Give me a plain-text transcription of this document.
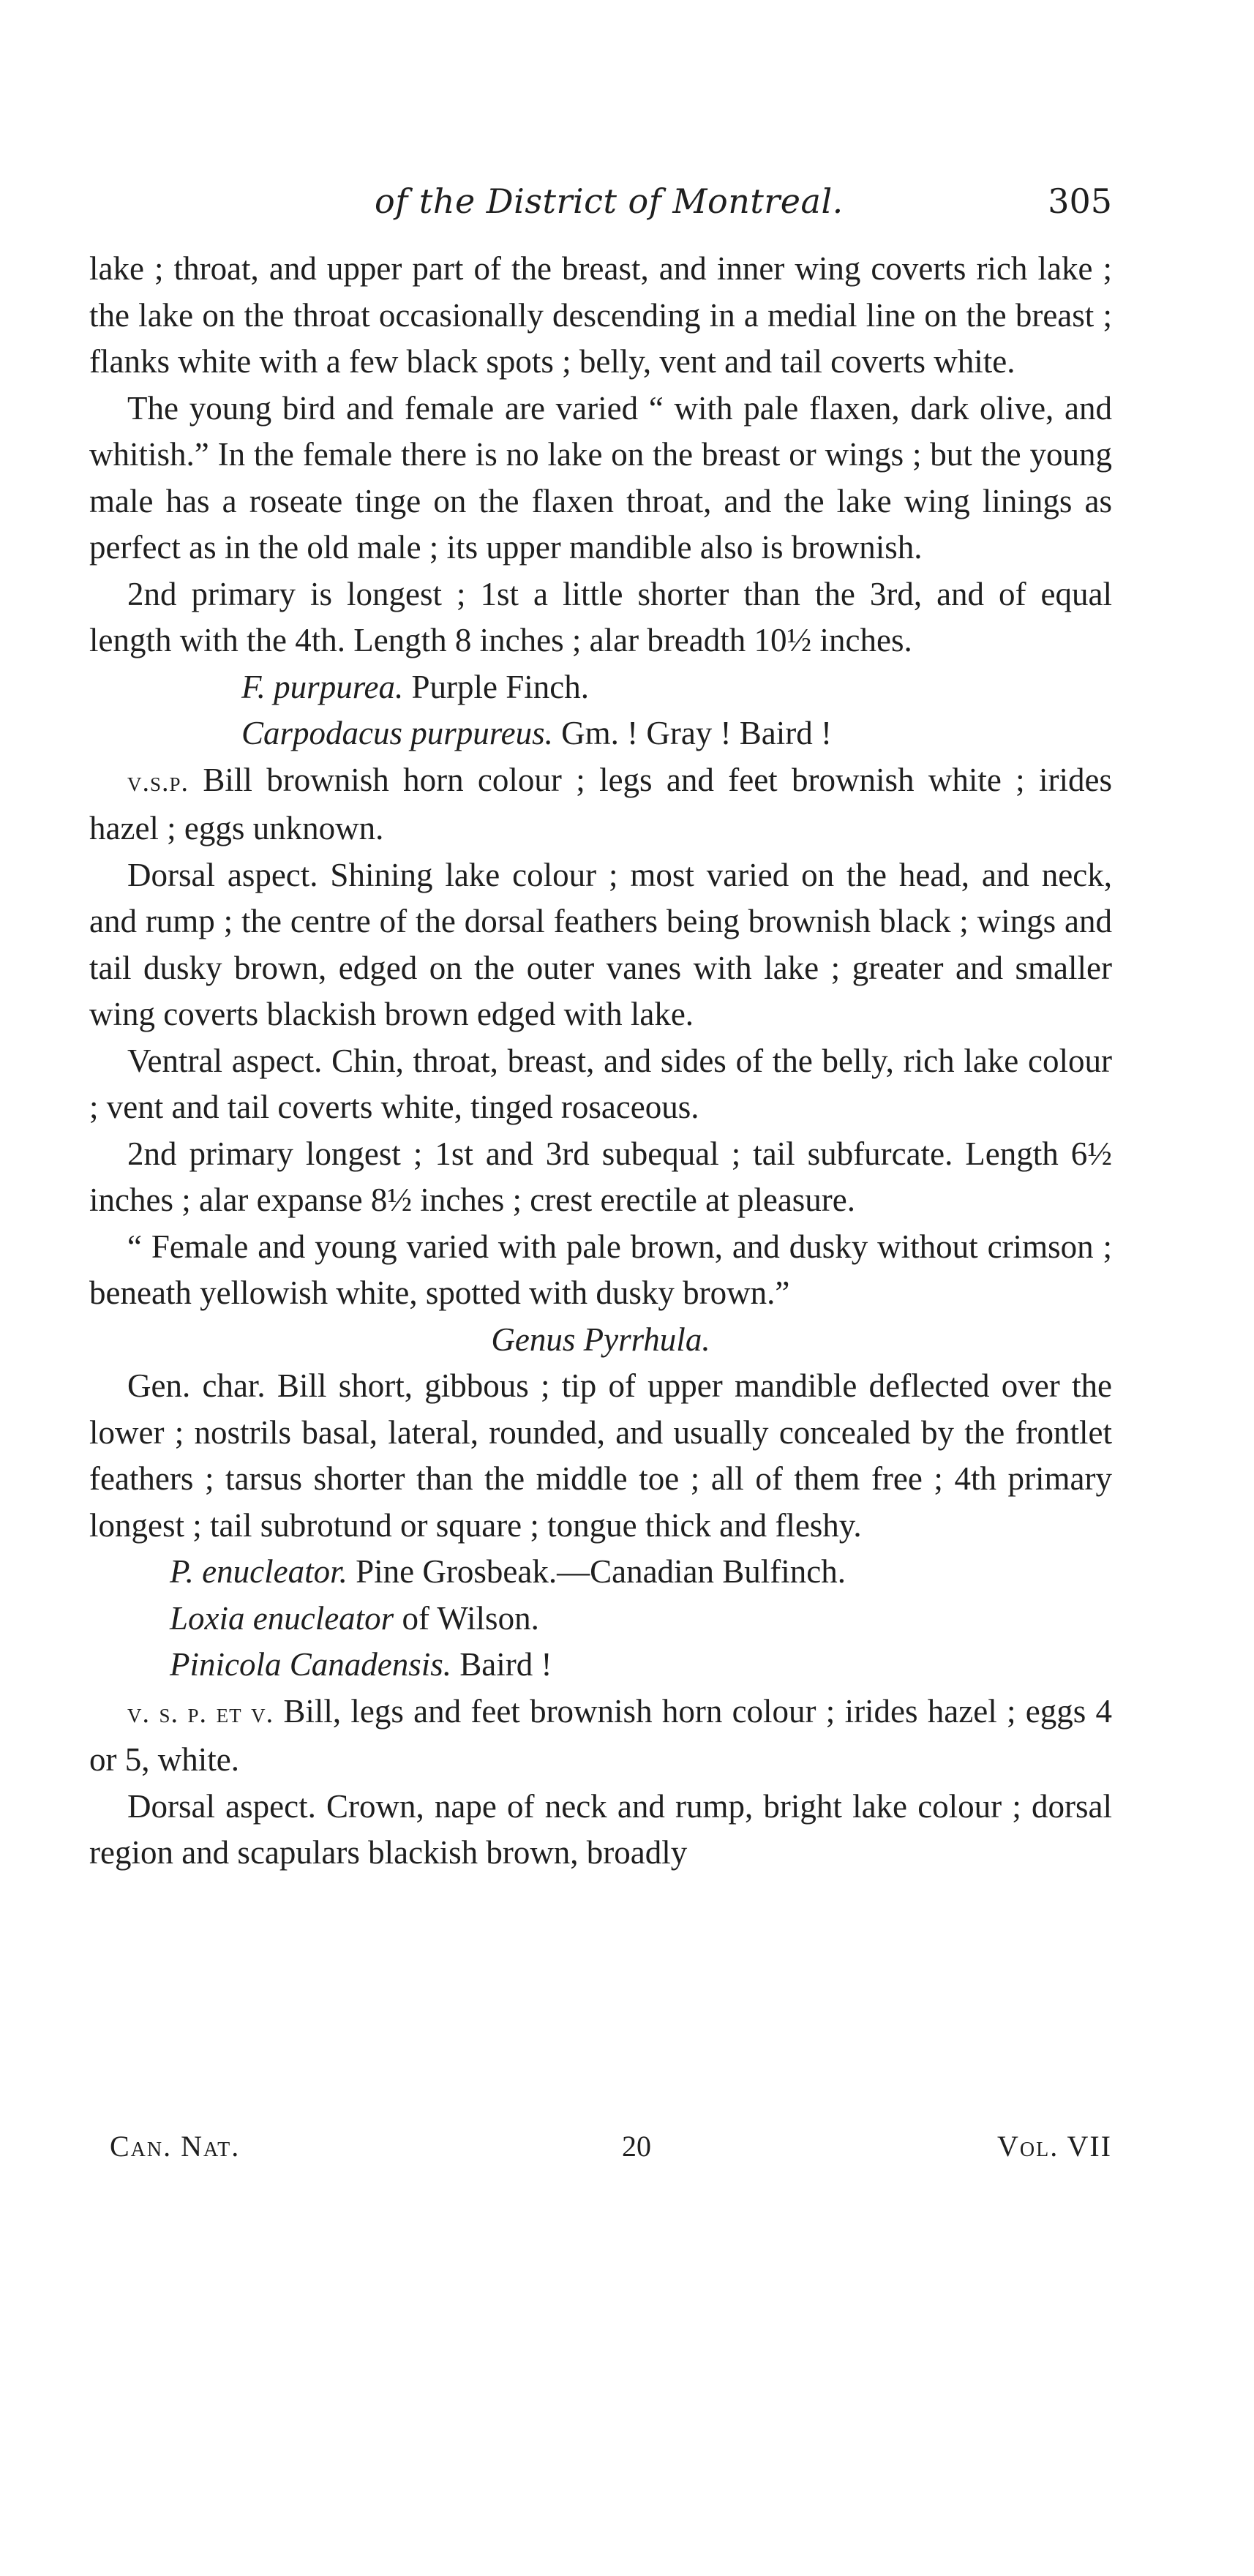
of the District of Montreal.	305

lake ; throat, and upper part of the breast, and inner wing coverts rich lake ; the lake on the throat occasionally descending in a medial line on the breast ; flanks white with a few black spots ; belly, vent and tail coverts white.

The young bird and female are varied “ with pale flaxen, dark olive, and whitish.” In the female there is no lake on the breast or wings ; but the young male has a roseate tinge on the flaxen throat, and the lake wing linings as perfect as in the old male ; its upper mandible also is brownish.

2nd primary is longest ; 1st a little shorter than the 3rd, and of equal length with the 4th. Length 8 inches ; alar breadth 10½ inches.

F. purpurea. Purple Finch.

Carpodacus purpureus. Gm. ! Gray ! Baird !

v.s.p. Bill brownish horn colour ; legs and feet brownish white ; irides hazel ; eggs unknown.

Dorsal aspect. Shining lake colour ; most varied on the head, and neck, and rump ; the centre of the dorsal feathers being brownish black ; wings and tail dusky brown, edged on the outer vanes with lake ; greater and smaller wing coverts blackish brown edged with lake.

Ventral aspect. Chin, throat, breast, and sides of the belly, rich lake colour ; vent and tail coverts white, tinged rosaceous.

2nd primary longest ; 1st and 3rd subequal ; tail subfurcate. Length 6½ inches ; alar expanse 8½ inches ; crest erectile at pleasure.

“ Female and young varied with pale brown, and dusky without crimson ; beneath yellowish white, spotted with dusky brown.”

Genus Pyrrhula.

Gen. char. Bill short, gibbous ; tip of upper mandible deflected over the lower ; nostrils basal, lateral, rounded, and usually concealed by the frontlet feathers ; tarsus shorter than the middle toe ; all of them free ; 4th primary longest ; tail subrotund or square ; tongue thick and fleshy.

P. enucleator. Pine Grosbeak.—Canadian Bulfinch.

Loxia enucleator of Wilson.

Pinicola Canadensis. Baird !

v. s. p. et v. Bill, legs and feet brownish horn colour ; irides hazel ; eggs 4 or 5, white.

Dorsal aspect. Crown, nape of neck and rump, bright lake colour ; dorsal region and scapulars blackish brown, broadly

Can. Nat.	20	Vol. VII
